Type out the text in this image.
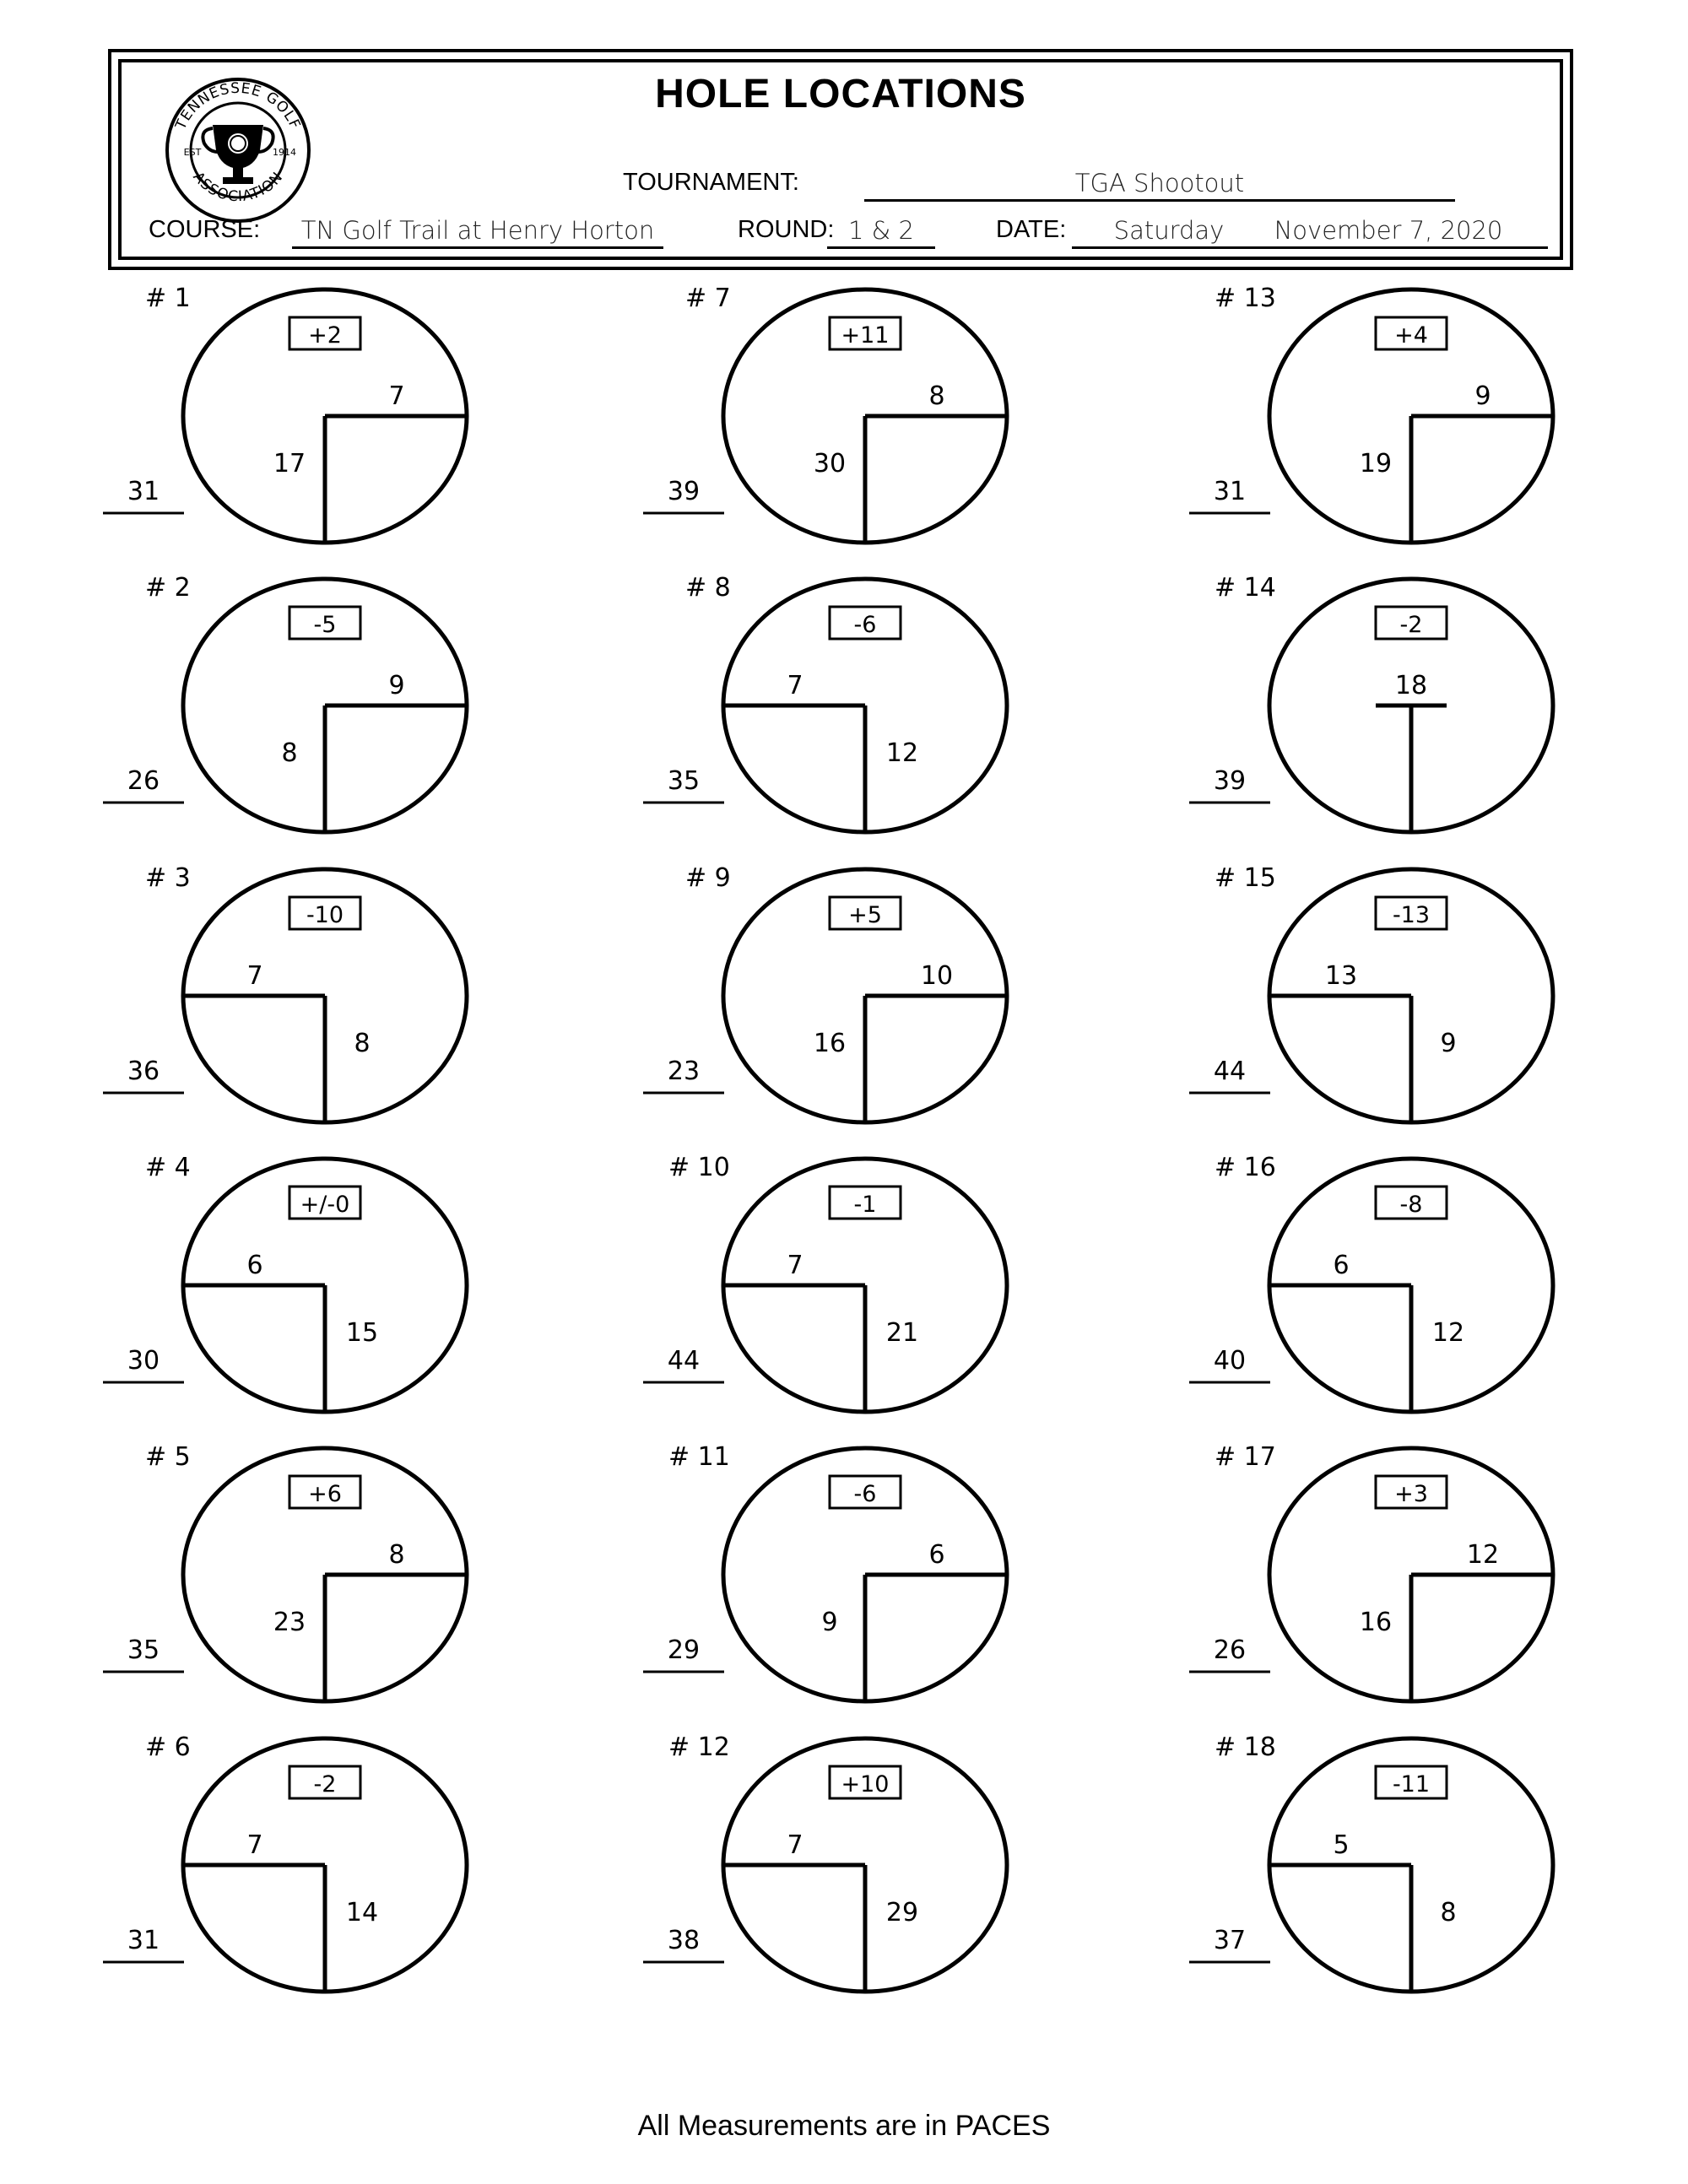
TENNESSEE GOLF
ASSOCIATION
EST	1914
HOLE LOCATIONS
TOURNAMENT:	TGA Shootout
COURSE:	TN Golf Trail at Henry Horton	ROUND: 1 & 2	DATE:	Saturday	November 7, 2020
# 1
+2
31
7
17
# 2
-5
26
9
8
# 3
-10
36
7
8
# 4
+/-0
30
6
15
# 5
+6
35
8
23
# 6
-2
31
7
14
# 7
+11
39
8
30
# 8
-6
35
7
12
# 9
+5
23
10
16
# 10
-1
44
7
21
# 11
-6
29
6
9
# 12
+10
38
7
29
# 13
+4
31
9
19
# 14
-2
39
18
# 15
-13
44
13
9
# 16
-8
40
6
12
# 17
+3
26
12
16
# 18
-11
37
5
8
All Measurements are in PACES
